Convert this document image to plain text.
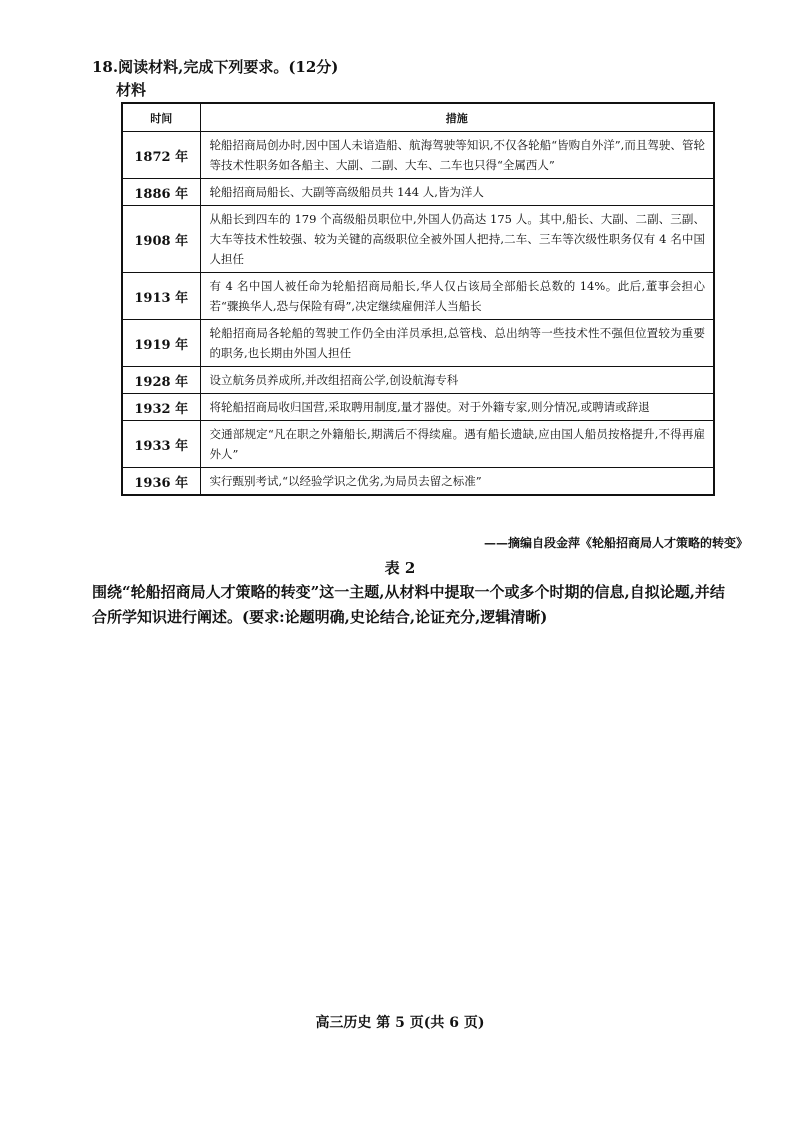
18.阅读材料,完成下列要求。(12分)
材料
时间	措施
1872 年	轮船招商局创办时,因中国人未谙造船、航海驾驶等知识,不仅各轮船“皆购自外洋”,而且驾驶、管轮等技术性职务如各船主、大副、二副、大车、二车也只得“全属西人”
1886 年	轮船招商局船长、大副等高级船员共 144 人,皆为洋人
1908 年	从船长到四车的 179 个高级船员职位中,外国人仍高达 175 人。其中,船长、大副、二副、三副、大车等技术性较强、较为关键的高级职位全被外国人把持,二车、三车等次级性职务仅有 4 名中国人担任
1913 年	有 4 名中国人被任命为轮船招商局船长,华人仅占该局全部船长总数的 14%。此后,董事会担心若“骤换华人,恐与保险有碍”,决定继续雇佣洋人当船长
1919 年	轮船招商局各轮船的驾驶工作仍全由洋员承担,总管栈、总出纳等一些技术性不强但位置较为重要的职务,也长期由外国人担任
1928 年	设立航务员养成所,并改组招商公学,创设航海专科
1932 年	将轮船招商局收归国营,采取聘用制度,量才器使。对于外籍专家,则分情况,或聘请或辞退
1933 年	交通部规定“凡在职之外籍船长,期满后不得续雇。遇有船长遗缺,应由国人船员按格提升,不得再雇外人”
1936 年	实行甄别考试,“以经验学识之优劣,为局员去留之标准”
——摘编自段金萍《轮船招商局人才策略的转变》
表 2
围绕“轮船招商局人才策略的转变”这一主题,从材料中提取一个或多个时期的信息,自拟论题,并结合所学知识进行阐述。(要求:论题明确,史论结合,论证充分,逻辑清晰)
高三历史 第 5 页(共 6 页)
